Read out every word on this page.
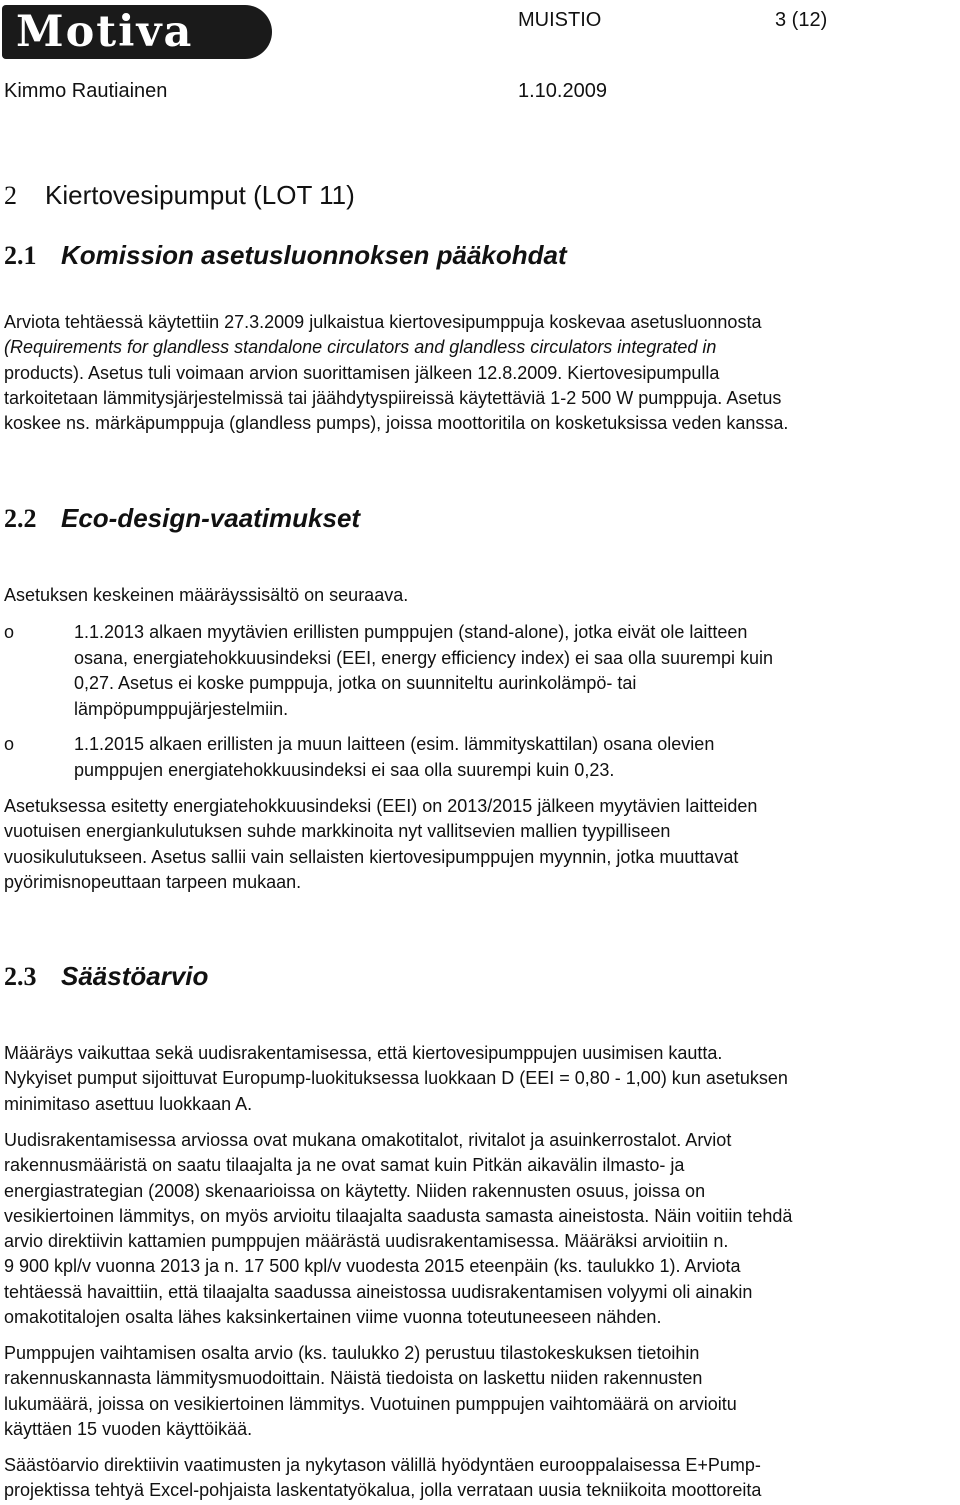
Motiva	MUISTIO	3 (12)
Kimmo Rautiainen	1.10.2009
2 Kiertovesipumput (LOT 11)
2.1 Komission asetusluonnoksen pääkohdat

Arviota tehtäessä käytettiin 27.3.2009 julkaistua kiertovesipumppuja koskevaa asetusluonnosta
(Requirements for glandless standalone circulators and glandless circulators integrated in
products). Asetus tuli voimaan arvion suorittamisen jälkeen 12.8.2009. Kiertovesipumpulla
tarkoitetaan lämmitysjärjestelmissä tai jäähdytyspiireissä käytettäviä 1-2 500 W pumppuja. Asetus
koskee ns. märkäpumppuja (glandless pumps), joissa moottoritila on kosketuksissa veden kanssa.

2.2 Eco-design-vaatimukset

Asetuksen keskeinen määräyssisältö on seuraava.

o	1.1.2013 alkaen myytävien erillisten pumppujen (stand-alone), jotka eivät ole laitteen
osana, energiatehokkuusindeksi (EEI, energy efficiency index) ei saa olla suurempi kuin
0,27. Asetus ei koske pumppuja, jotka on suunniteltu aurinkolämpö- tai
lämpöpumppujärjestelmiin.

o	1.1.2015 alkaen erillisten ja muun laitteen (esim. lämmityskattilan) osana olevien
pumppujen energiatehokkuusindeksi ei saa olla suurempi kuin 0,23.

Asetuksessa esitetty energiatehokkuusindeksi (EEI) on 2013/2015 jälkeen myytävien laitteiden
vuotuisen energiankulutuksen suhde markkinoita nyt vallitsevien mallien tyypilliseen
vuosikulutukseen. Asetus sallii vain sellaisten kiertovesipumppujen myynnin, jotka muuttavat
pyörimisnopeuttaan tarpeen mukaan.

2.3 Säästöarvio

Määräys vaikuttaa sekä uudisrakentamisessa, että kiertovesipumppujen uusimisen kautta.
Nykyiset pumput sijoittuvat Europump-luokituksessa luokkaan D (EEI = 0,80 - 1,00) kun asetuksen
minimitaso asettuu luokkaan A.

Uudisrakentamisessa arviossa ovat mukana omakotitalot, rivitalot ja asuinkerrostalot. Arviot
rakennusmääristä on saatu tilaajalta ja ne ovat samat kuin Pitkän aikavälin ilmasto- ja
energiastrategian (2008) skenaarioissa on käytetty. Niiden rakennusten osuus, joissa on
vesikiertoinen lämmitys, on myös arvioitu tilaajalta saadusta samasta aineistosta. Näin voitiin tehdä
arvio direktiivin kattamien pumppujen määrästä uudisrakentamisessa. Määräksi arvioitiin n.
9 900 kpl/v vuonna 2013 ja n. 17 500 kpl/v vuodesta 2015 eteenpäin (ks. taulukko 1). Arviota
tehtäessä havaittiin, että tilaajalta saadussa aineistossa uudisrakentamisen volyymi oli ainakin
omakotitalojen osalta lähes kaksinkertainen viime vuonna toteutuneeseen nähden.

Pumppujen vaihtamisen osalta arvio (ks. taulukko 2) perustuu tilastokeskuksen tietoihin
rakennuskannasta lämmitysmuodoittain. Näistä tiedoista on laskettu niiden rakennusten
lukumäärä, joissa on vesikiertoinen lämmitys. Vuotuinen pumppujen vaihtomäärä on arvioitu
käyttäen 15 vuoden käyttöikää.

Säästöarvio direktiivin vaatimusten ja nykytason välillä hyödyntäen eurooppalaisessa E+Pump-
projektissa tehtyä Excel-pohjaista laskentatyökalua, jolla verrataan uusia tekniikoita moottoreita
